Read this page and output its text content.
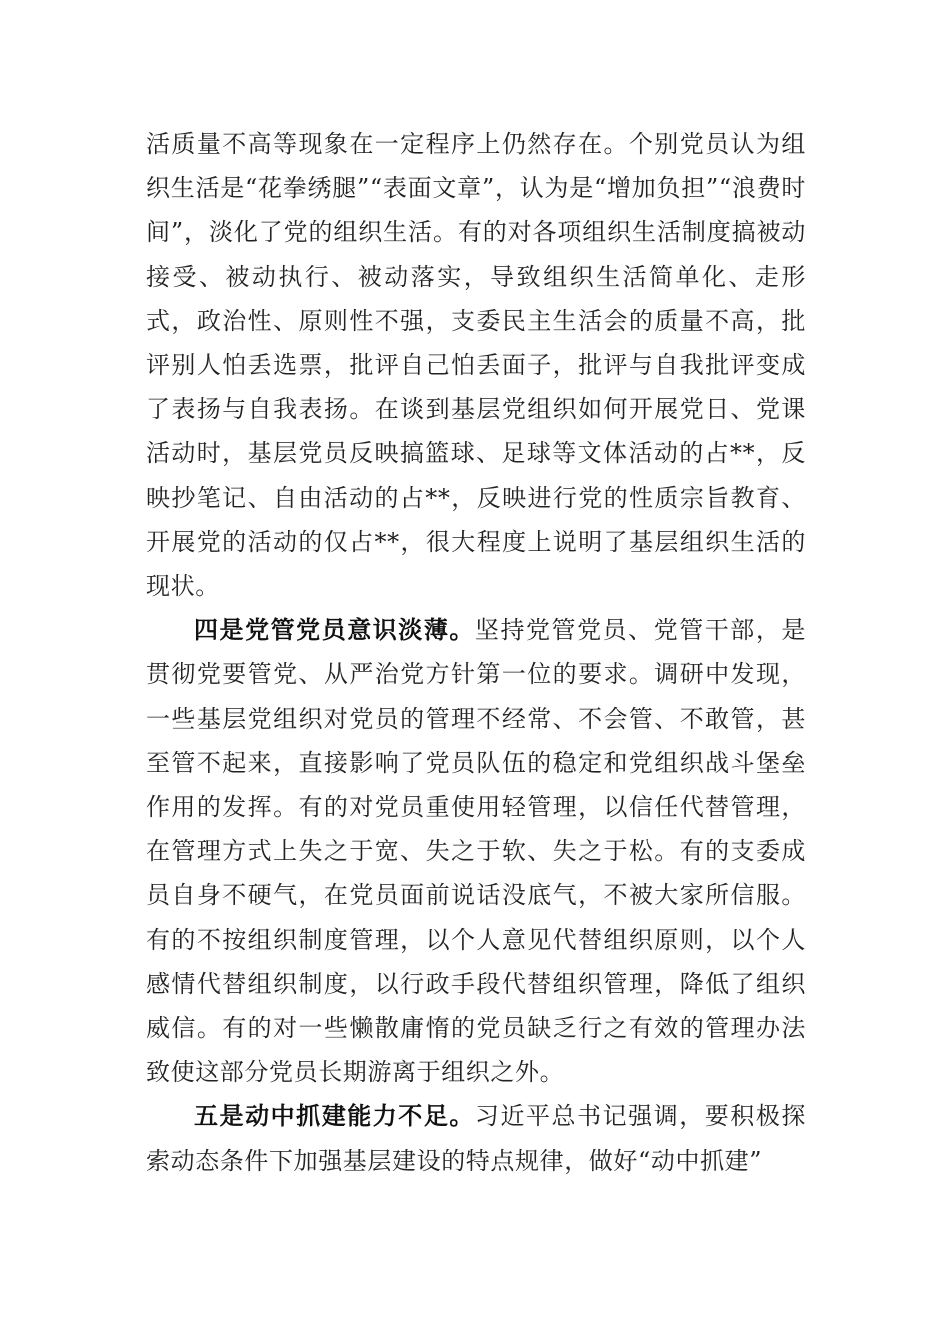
活质量不高等现象在一定程序上仍然存在。个别党员认为组织生活是“花拳绣腿”“表面文章”，认为是“增加负担”“浪费时间”，淡化了党的组织生活。有的对各项组织生活制度搞被动接受、被动执行、被动落实，导致组织生活简单化、走形式，政治性、原则性不强，支委民主生活会的质量不高，批评别人怕丢选票，批评自己怕丢面子，批评与自我批评变成了表扬与自我表扬。在谈到基层党组织如何开展党日、党课活动时，基层党员反映搞篮球、足球等文体活动的占**，反映抄笔记、自由活动的占**，反映进行党的性质宗旨教育、开展党的活动的仅占**，很大程度上说明了基层组织生活的现状。

四是党管党员意识淡薄。坚持党管党员、党管干部，是贯彻党要管党、从严治党方针第一位的要求。调研中发现，一些基层党组织对党员的管理不经常、不会管、不敢管，甚至管不起来，直接影响了党员队伍的稳定和党组织战斗堡垒作用的发挥。有的对党员重使用轻管理，以信任代替管理，在管理方式上失之于宽、失之于软、失之于松。有的支委成员自身不硬气，在党员面前说话没底气，不被大家所信服。有的不按组织制度管理，以个人意见代替组织原则，以个人感情代替组织制度，以行政手段代替组织管理，降低了组织威信。有的对一些懒散庸惰的党员缺乏行之有效的管理办法致使这部分党员长期游离于组织之外。

五是动中抓建能力不足。习近平总书记强调，要积极探索动态条件下加强基层建设的特点规律，做好“动中抓建”
